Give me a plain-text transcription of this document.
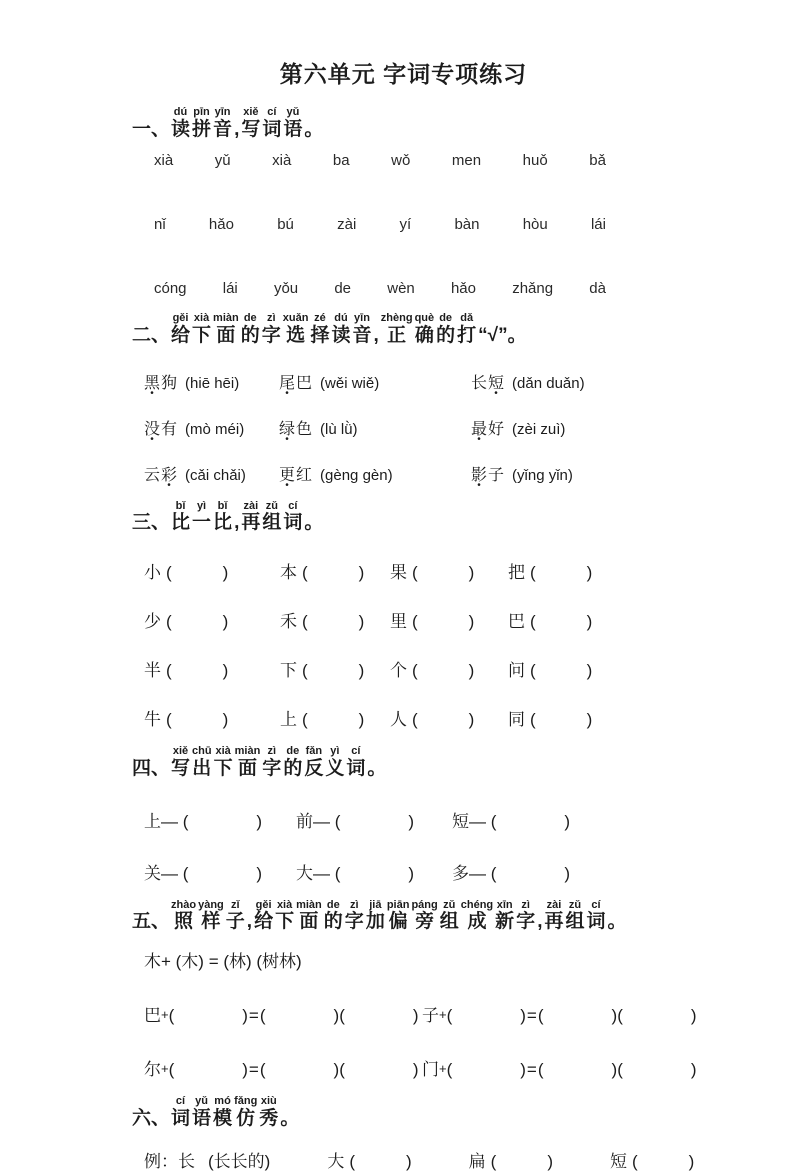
第六单元 字词专项练习
一、
dú
读
pīn
拼
yīn
音
,
xiě
写
cí
词
yǔ
语
。
xià	yǔ	xià	ba	wǒ	men	huǒ	bǎ
nǐ	hǎo	bú	zài	yí	bàn	hòu	lái
cóng lái yǒu de wèn hǎo zhǎng dà
二、
gěi
给
xià
下
miàn
面
de
的
zì
字
xuǎn
选
zé
择
dú
读
yīn
音
,
zhèng
正
què
确
de
的
dǎ
打
“√”。
黑狗 (hiē hēi)	尾巴 (wěi wiě)	长短 (dǎn duǎn)
没有 (mò méi)	绿色 (lù lǜ)	最好 (zèi zuì)
云彩 (cǎi chǎi)	更红 (gèng gèn)	影子 (yǐng yǐn)
三、
bǐ
比
yì
一
bǐ
比
,
zài
再
zǔ
组
cí
词
。
小 (　　　)	本 (　　　)	果 (　　　)	把 (　　　)
少 (　　　)	禾 (　　　)	里 (　　　)	巴 (　　　)
半 (　　　)	下 (　　　)	个 (　　　)	问 (　　　)
牛 (　　　)	上 (　　　)	人 (　　　)	同 (　　　)
四、
xiě
写
chū
出
xià
下
miàn
面
zì
字
de
的
fǎn
反
yì
义
cí
词
。
上— (　　　　)	前— (　　　　)	短— (　　　　)
关— (　　　　)	大— (　　　　)	多— (　　　　)
五、
zhào
照
yàng
样
zǐ
子
,
gěi
给
xià
下
miàn
面
de
的
zì
字
jiā
加
piān
偏
páng
旁
zǔ
组
chéng
成
xīn
新
zì
字
,
zài
再
zǔ
组
cí
词
。
木+ (木) = (林) (树林)
巴+(　　　　)=(　　　　)(　　　　) 子+(　　　　)=(　　　　)(　　　　)
尔+(　　　　)=(　　　　)(　　　　) 门+(　　　　)=(　　　　)(　　　　)
六、
cí
词
yǔ
语
mó
模
fǎng
仿
xiù
秀
。
例：长 (长长的)	大 (　　　)	扁 (　　　)	短 (　　　)
